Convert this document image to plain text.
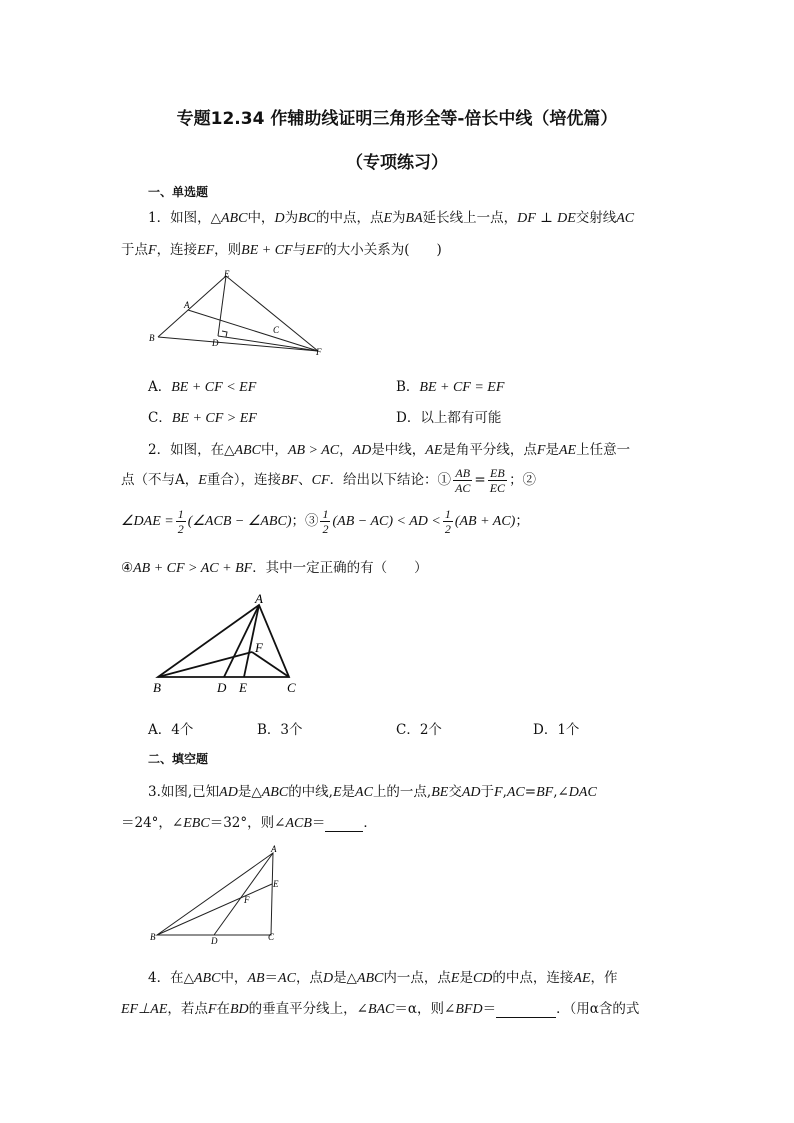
专题12.34 作辅助线证明三角形全等-倍长中线（培优篇）
（专项练习）
一、单选题
1．如图，△ABC中，D为BC的中点，点E为BA延长线上一点，DF ⊥ DE交射线AC
于点F，连接EF，则BE + CF与EF的大小关系为(　　)
E
A
B	D
C
F
A．BE + CF < EF	B．BE + CF = EF
C．BE + CF > EF	D．以上都有可能
2．如图，在△ABC中，AB > AC，AD是中线，AE是角平分线，点F是AE上任意一
点（不与A，E重合），连接BF、CF．给出以下结论：① $\frac{AB}{AC} = \frac{EB}{EC}$ ；②
∠DAE = $\frac{1}{2}$ (∠ACB − ∠ABC)；③ $\frac{1}{2} (AB - AC)$ < AD < $\frac{1}{2} (AB + AC)$；
④AB + CF > AC + BF．其中一定正确的有（　　）
A
F
B	D E	C
A．4个	B．3个	C．2个	D．1个
二、填空题
3.如图,已知AD是△ABC的中线,E是AC上的一点,BE交AD于F,AC=BF,∠DAC
＝24°，∠EBC＝32°，则∠ACB＝	．
A
E
F
B	D	C
4．在△ABC中，AB＝AC，点D是△ABC内一点，点E是CD的中点，连接AE，作
EF⊥AE，若点F在BD的垂直平分线上，∠BAC＝α，则∠BFD＝	．（用α含的式
